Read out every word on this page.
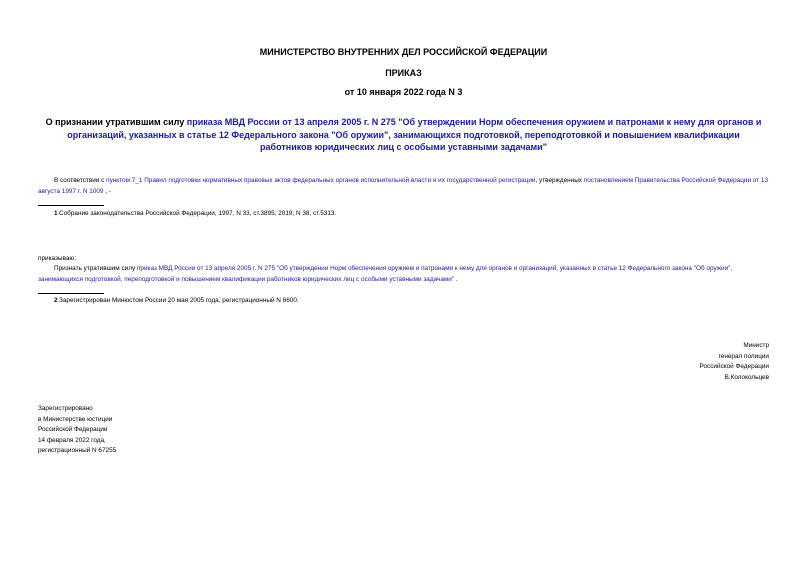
МИНИСТЕРСТВО ВНУТРЕННИХ ДЕЛ РОССИЙСКОЙ ФЕДЕРАЦИИ
ПРИКАЗ
от 10 января 2022 года N 3
О признании утратившим силу приказа МВД России от 13 апреля 2005 г. N 275 "Об утверждении Норм обеспечения оружием и патронами к нему для органов и организаций, указанных в статье 12 Федерального закона "Об оружии", занимающихся подготовкой, переподготовкой и повышением квалификации работников юридических лиц с особыми уставными задачами"
В соответствии с пунктом 7_1 Правил подготовки нормативных правовых актов федеральных органов исполнительной власти и их государственной регистрации, утвержденных постановлением Правительства Российской Федерации от 13 августа 1997 г. N 1009 , -
1Собрание законодательства Российской Федерации, 1997, N 33, ст.3895; 2019, N 38, ст.5313.
приказываю:
Признать утратившим силу приказ МВД России от 13 апреля 2005 г. N 275 "Об утверждении Норм обеспечения оружием и патронами к нему для органов и организаций, указанных в статье 12 Федерального закона "Об оружии", занимающихся подготовкой, переподготовкой и повышением квалификации работников юридических лиц с особыми уставными задачами" .
2Зарегистрирован Минюстом России 20 мая 2005 года, регистрационный N 6600.
Министр
генерал полиции
Российской Федерации
В.Колокольцев
Зарегистрировано
в Министерстве юстиции
Российской Федерации
14 февраля 2022 года,
регистрационный N 67255
